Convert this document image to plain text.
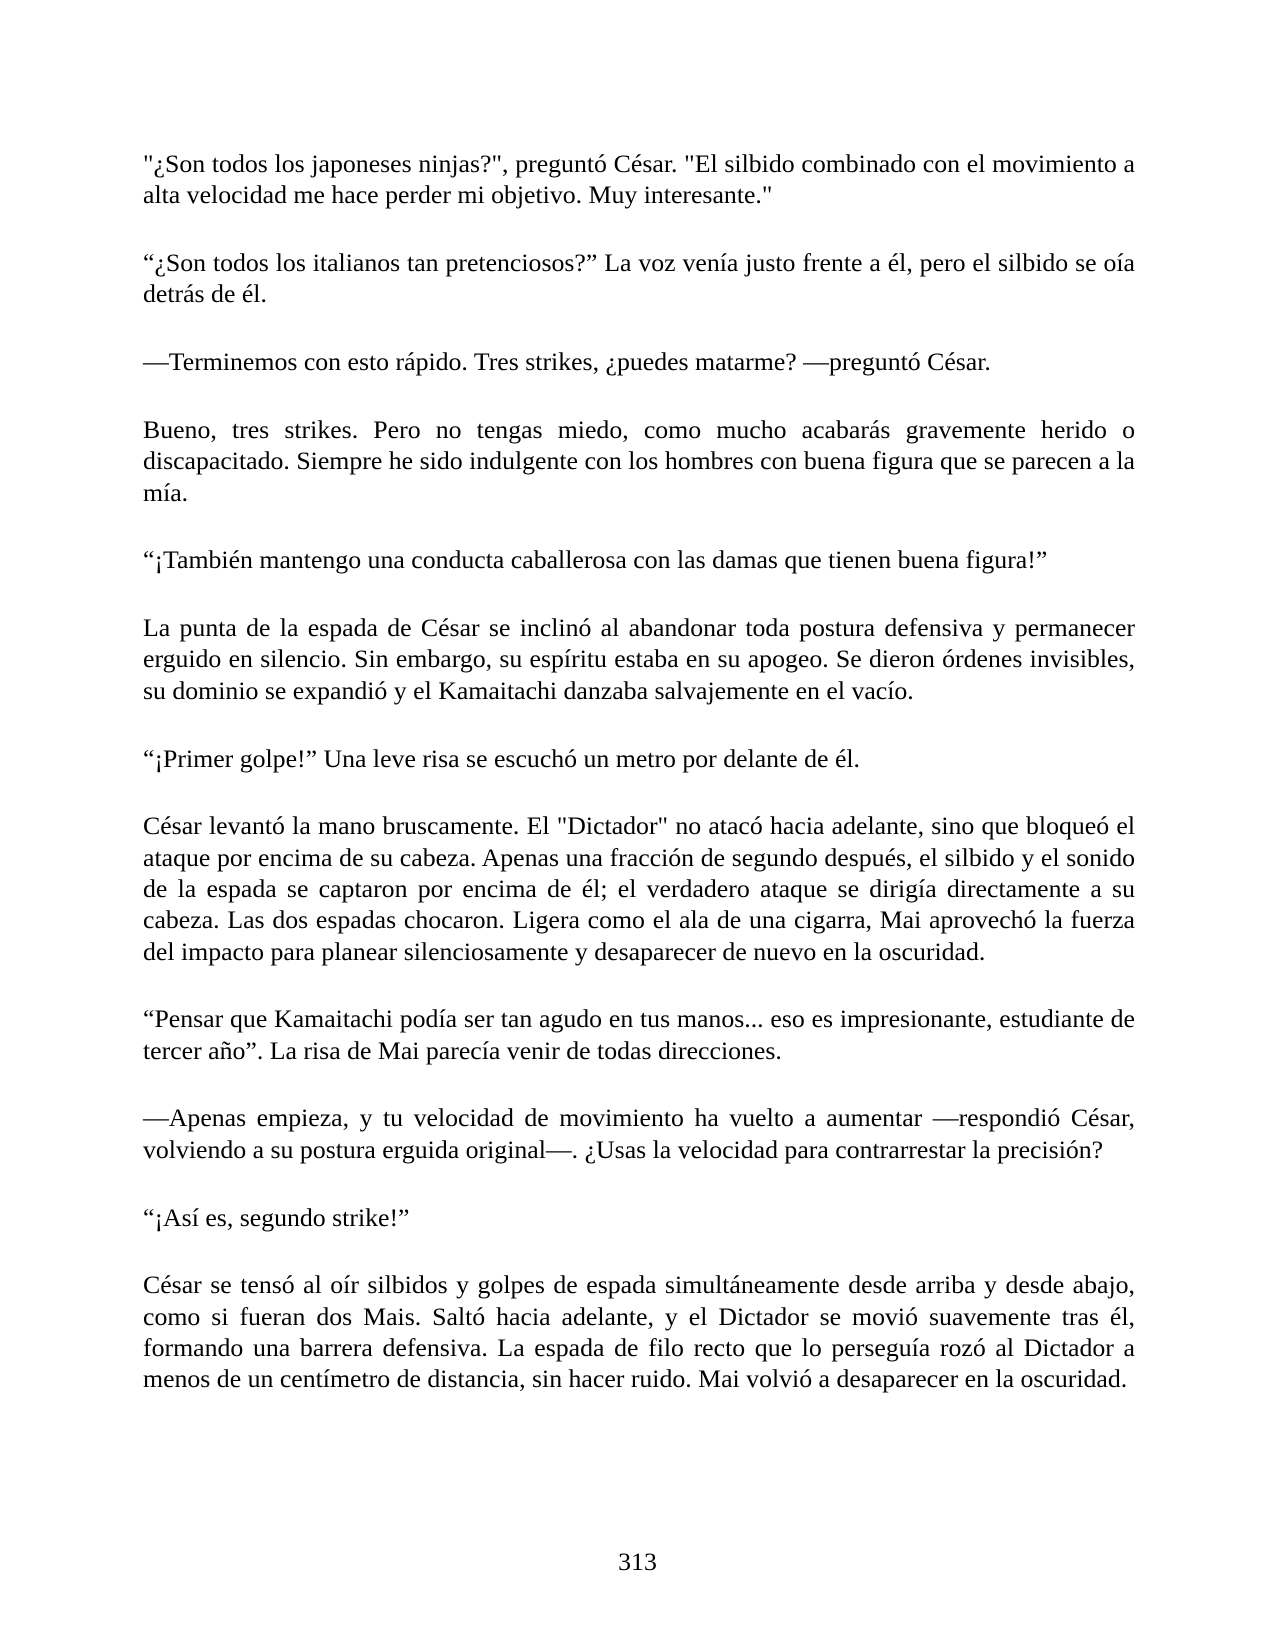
"¿Son todos los japoneses ninjas?", preguntó César. "El silbido combinado con el movimiento a alta velocidad me hace perder mi objetivo. Muy interesante."

“¿Son todos los italianos tan pretenciosos?” La voz venía justo frente a él, pero el silbido se oía detrás de él.

—Terminemos con esto rápido. Tres strikes, ¿puedes matarme? —preguntó César.

Bueno, tres strikes. Pero no tengas miedo, como mucho acabarás gravemente herido o discapacitado. Siempre he sido indulgente con los hombres con buena figura que se parecen a la mía.

“¡También mantengo una conducta caballerosa con las damas que tienen buena figura!”

La punta de la espada de César se inclinó al abandonar toda postura defensiva y permanecer erguido en silencio. Sin embargo, su espíritu estaba en su apogeo. Se dieron órdenes invisibles, su dominio se expandió y el Kamaitachi danzaba salvajemente en el vacío.

“¡Primer golpe!” Una leve risa se escuchó un metro por delante de él.

César levantó la mano bruscamente. El "Dictador" no atacó hacia adelante, sino que bloqueó el ataque por encima de su cabeza. Apenas una fracción de segundo después, el silbido y el sonido de la espada se captaron por encima de él; el verdadero ataque se dirigía directamente a su cabeza. Las dos espadas chocaron. Ligera como el ala de una cigarra, Mai aprovechó la fuerza del impacto para planear silenciosamente y desaparecer de nuevo en la oscuridad.

“Pensar que Kamaitachi podía ser tan agudo en tus manos... eso es impresionante, estudiante de tercer año”. La risa de Mai parecía venir de todas direcciones.

—Apenas empieza, y tu velocidad de movimiento ha vuelto a aumentar —respondió César, volviendo a su postura erguida original—. ¿Usas la velocidad para contrarrestar la precisión?

“¡Así es, segundo strike!”

César se tensó al oír silbidos y golpes de espada simultáneamente desde arriba y desde abajo, como si fueran dos Mais. Saltó hacia adelante, y el Dictador se movió suavemente tras él, formando una barrera defensiva. La espada de filo recto que lo perseguía rozó al Dictador a menos de un centímetro de distancia, sin hacer ruido. Mai volvió a desaparecer en la oscuridad.

313
